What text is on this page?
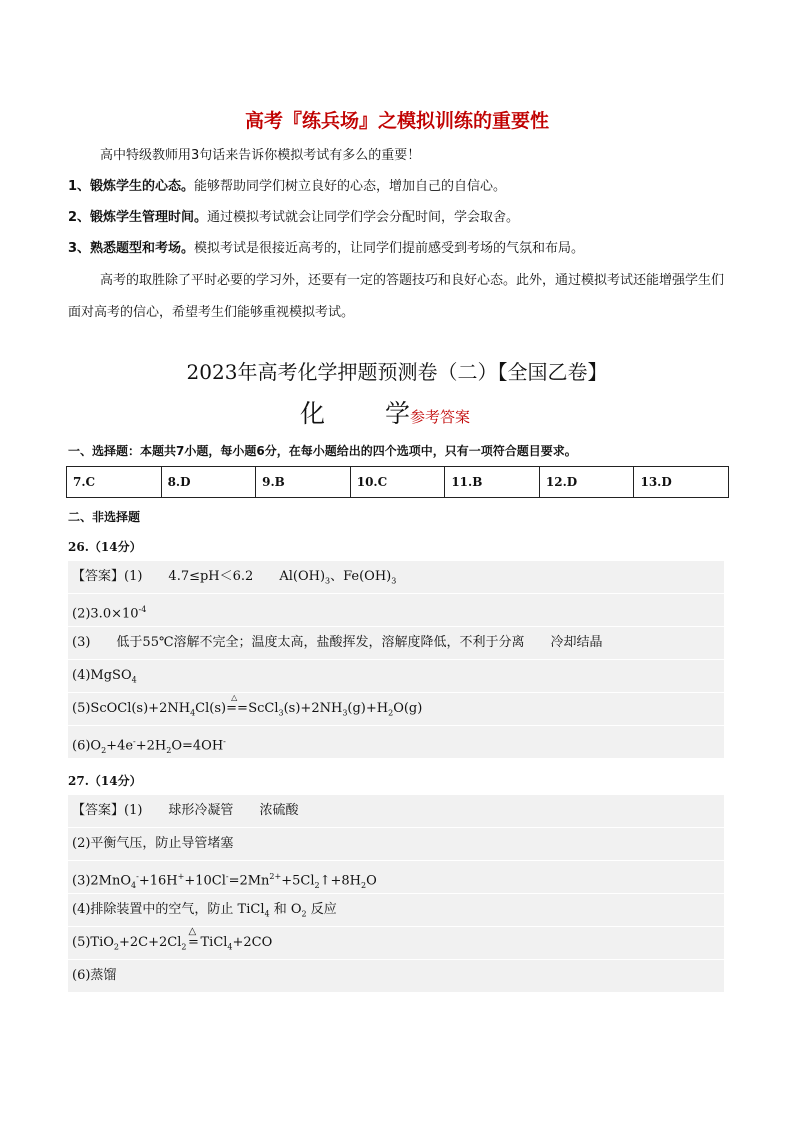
高考『练兵场』之模拟训练的重要性
高中特级教师用3句话来告诉你模拟考试有多么的重要！
1、锻炼学生的心态。能够帮助同学们树立良好的心态，增加自己的自信心。
2、锻炼学生管理时间。通过模拟考试就会让同学们学会分配时间，学会取舍。
3、熟悉题型和考场。模拟考试是很接近高考的，让同学们提前感受到考场的气氛和布局。
高考的取胜除了平时必要的学习外，还要有一定的答题技巧和良好心态。此外，通过模拟考试还能增强学生们面对高考的信心，希望考生们能够重视模拟考试。
2023年高考化学押题预测卷（二）【全国乙卷】
化 学参考答案
一、选择题：本题共7小题，每小题6分，在每小题给出的四个选项中，只有一项符合题目要求。
7.C	8.D	9.B	10.C	11.B	12.D	13.D
二、非选择题
26.（14分）
【答案】(1) 4.7≤pH＜6.2 $Al(OH)_3$、$Fe(OH)_3$
$(2)3.0\times 10^{-4}$
(3) 低于55℃溶解不完全；温度太高，盐酸挥发，溶解度降低，不利于分离 冷却结晶
(4)MgSO$_4$
$(5)ScOCl(s)+2NH_4Cl(s)$
△
== $ScCl_3(s)+2NH_3(g)+H_2O(g)$
$(6)O_2+4e^-+2H_2O=4OH^-$
27.（14分）
【答案】(1) 球形冷凝管 浓硫酸
(2)平衡气压，防止导管堵塞
$(3)2MnO_4^-+16H^++10Cl^-=2Mn^{2+}+5Cl_2↑+8H_2O$
(4)排除装置中的空气，防止 TiCl$_4$ 和 $O_2$ 反应
$(5)TiO_2+2C+2Cl_2$
△
= TiCl$_4$+2CO
(6)蒸馏
